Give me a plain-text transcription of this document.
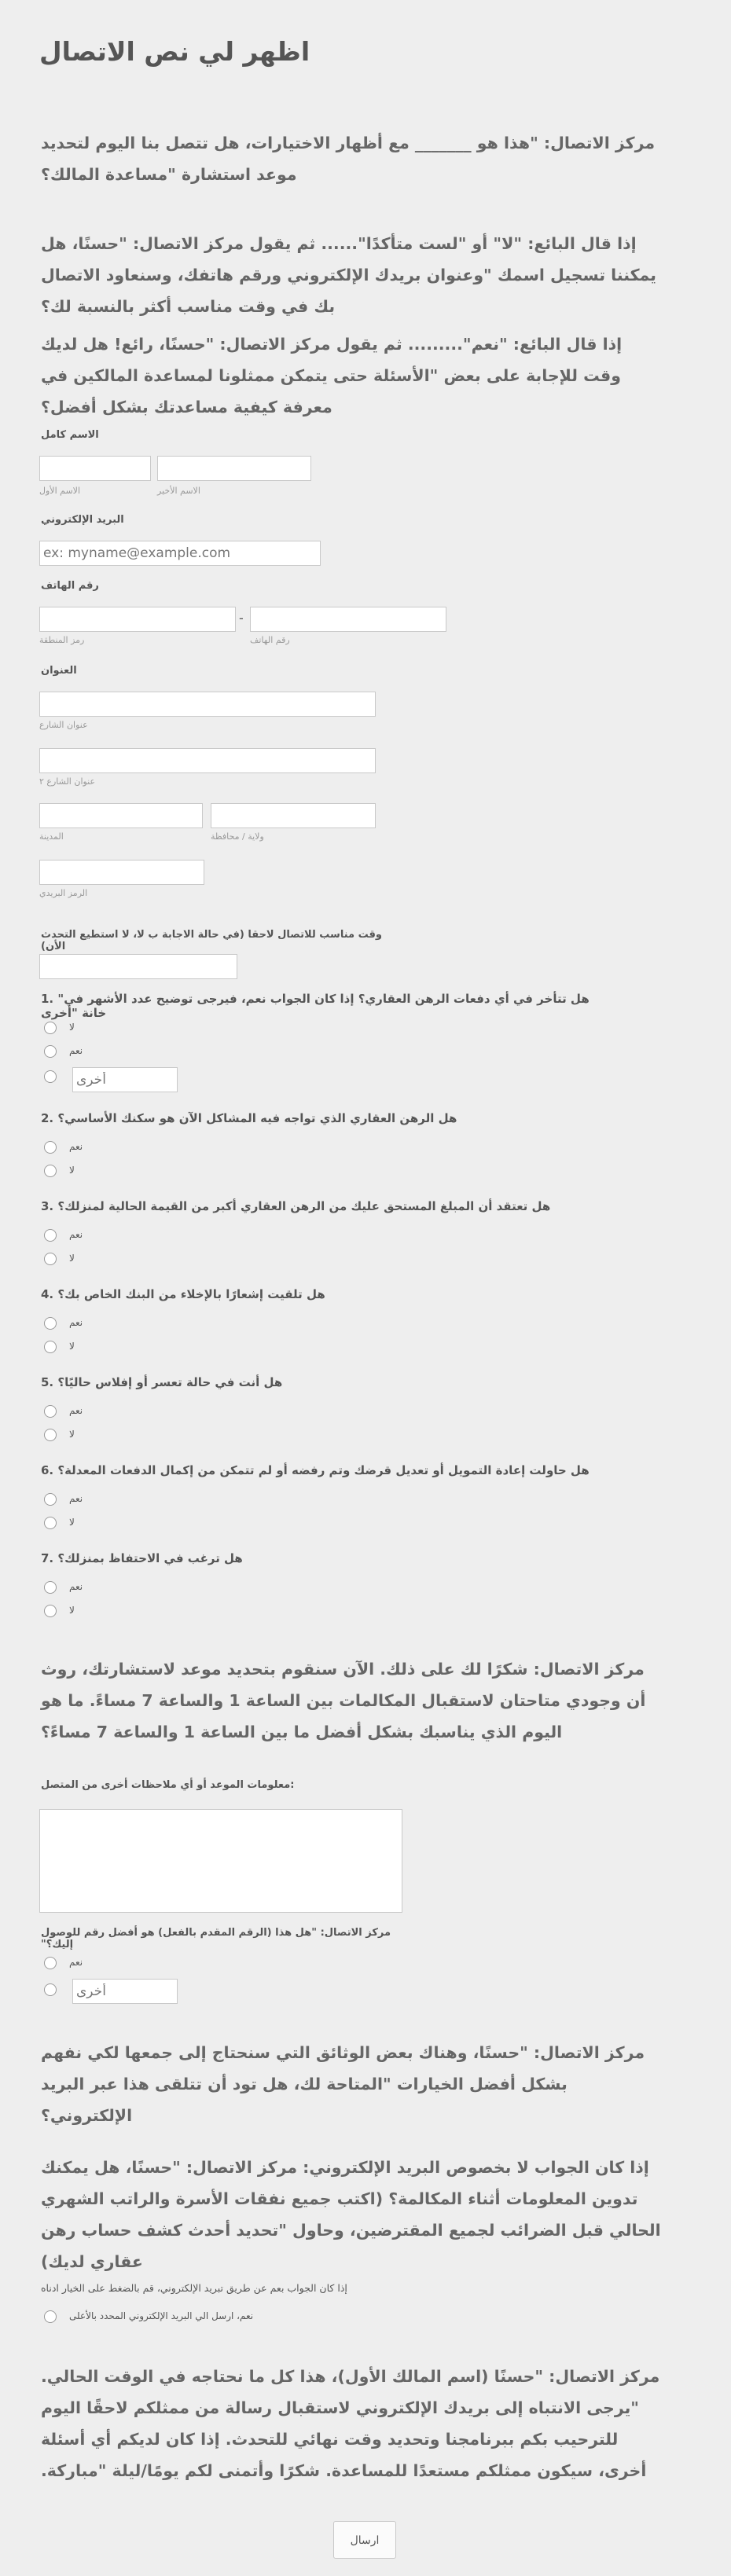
اظهر لي نص الاتصال
مركز الاتصال: "هذا هو _______ مع أظهار الاختيارات، هل تتصل بنا اليوم لتحديد موعد استشارة "مساعدة المالك؟
إذا قال البائع: "لا" أو "لست متأكدًا"...... ثم يقول مركز الاتصال: "حسنًا، هل يمكننا تسجيل اسمك "وعنوان بريدك الإلكتروني ورقم هاتفك، وسنعاود الاتصال بك في وقت مناسب أكثر بالنسبة لك؟
إذا قال البائع: "نعم"......... ثم يقول مركز الاتصال: "حسنًا، رائع! هل لديك وقت للإجابة على بعض "الأسئلة حتى يتمكن ممثلونا لمساعدة المالكين في معرفة كيفية مساعدتك بشكل أفضل؟
الاسم كامل
الاسم الأول	الاسم الأخير
البريد الإلكتروني
ex: myname@example.com
رقم الهاتف
-
رمز المنطقة	رقم الهاتف
العنوان
عنوان الشارع
عنوان الشارع ٢
المدينة	ولاية / محافظة
الرمز البريدي
وقت مناسب للاتصال لاحقا (في حالة الاجابة ب لا، لا استطيع التحدث الأن)
1. "هل تتأخر في أي دفعات الرهن العقاري؟ إذا كان الجواب نعم، فيرجى توضيح عدد الأشهر في خانة "أخرى
لا
نعم
أخرى
2. هل الرهن العقاري الذي تواجه فيه المشاكل الآن هو سكنك الأساسي؟
نعم
لا
3. هل تعتقد أن المبلغ المستحق عليك من الرهن العقاري أكبر من القيمة الحالية لمنزلك؟
نعم
لا
4. هل تلقيت إشعارًا بالإخلاء من البنك الخاص بك؟
نعم
لا
5. هل أنت في حالة تعسر أو إفلاس حاليًا؟
نعم
لا
6. هل حاولت إعادة التمويل أو تعديل قرضك وتم رفضه أو لم تتمكن من إكمال الدفعات المعدلة؟
نعم
لا
7. هل ترغب في الاحتفاظ بمنزلك؟
نعم
لا
مركز الاتصال: شكرًا لك على ذلك. الآن سنقوم بتحديد موعد لاستشارتك، روث أن وجودي متاحتان لاستقبال المكالمات بين الساعة 1 والساعة 7 مساءً. ما هو اليوم الذي يناسبك بشكل أفضل ما بين الساعة 1 والساعة 7 مساءً؟
معلومات الموعد أو أي ملاحظات أخرى من المتصل:
مركز الاتصال: "هل هذا (الرقم المقدم بالفعل) هو أفضل رقم للوصول إليك؟"
نعم
أخرى
مركز الاتصال: "حسنًا، وهناك بعض الوثائق التي سنحتاج إلى جمعها لكي نفهم بشكل أفضل الخيارات "المتاحة لك، هل تود أن تتلقى هذا عبر البريد الإلكتروني؟
إذا كان الجواب لا بخصوص البريد الإلكتروني: مركز الاتصال: "حسنًا، هل يمكنك تدوين المعلومات أثناء المكالمة؟ (اكتب جميع نفقات الأسرة والراتب الشهري الحالي قبل الضرائب لجميع المقترضين، وحاول "تحديد أحدث كشف حساب رهن عقاري لديك)
إذا كان الجواب بعم عن طريق تبريد الإلكتروني، قم بالضغط على الخيار ادناه
نعم، ارسل الي البريد الإلكتروني المحدد بالأعلى
مركز الاتصال: "حسنًا (اسم المالك الأول)، هذا كل ما نحتاجه في الوقت الحالي. "يرجى الانتباه إلى بريدك الإلكتروني لاستقبال رسالة من ممثلكم لاحقًا اليوم للترحيب بكم ببرنامجنا وتحديد وقت نهائي للتحدث. إذا كان لديكم أي أسئلة أخرى، سيكون ممثلكم مستعدًا للمساعدة. شكرًا وأتمنى لكم يومًا/ليلة "مباركة.
ارسال
